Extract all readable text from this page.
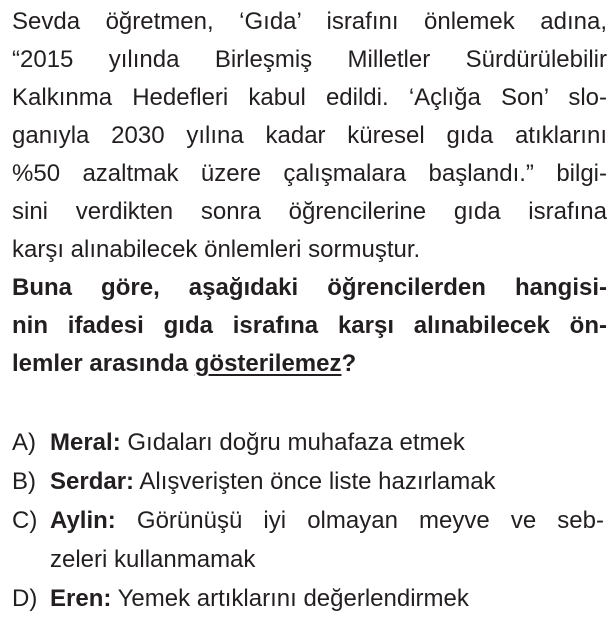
Sevda öğretmen, ‘Gıda’ israfını önlemek adına,
“2015 yılında Birleşmiş Milletler Sürdürülebilir
Kalkınma Hedefleri kabul edildi. ‘Açlığa Son’ slo-
ganıyla 2030 yılına kadar küresel gıda atıklarını
%50 azaltmak üzere çalışmalara başlandı.” bilgi-
sini verdikten sonra öğrencilerine gıda israfına
karşı alınabilecek önlemleri sormuştur.

Buna göre, aşağıdaki öğrencilerden hangisi-
nin ifadesi gıda israfına karşı alınabilecek ön-
lemler arasında gösterilemez?

A) Meral: Gıdaları doğru muhafaza etmek
B) Serdar: Alışverişten önce liste hazırlamak
C) Aylin: Görünüşü iyi olmayan meyve ve seb-
zeleri kullanmamak
D) Eren: Yemek artıklarını değerlendirmek
